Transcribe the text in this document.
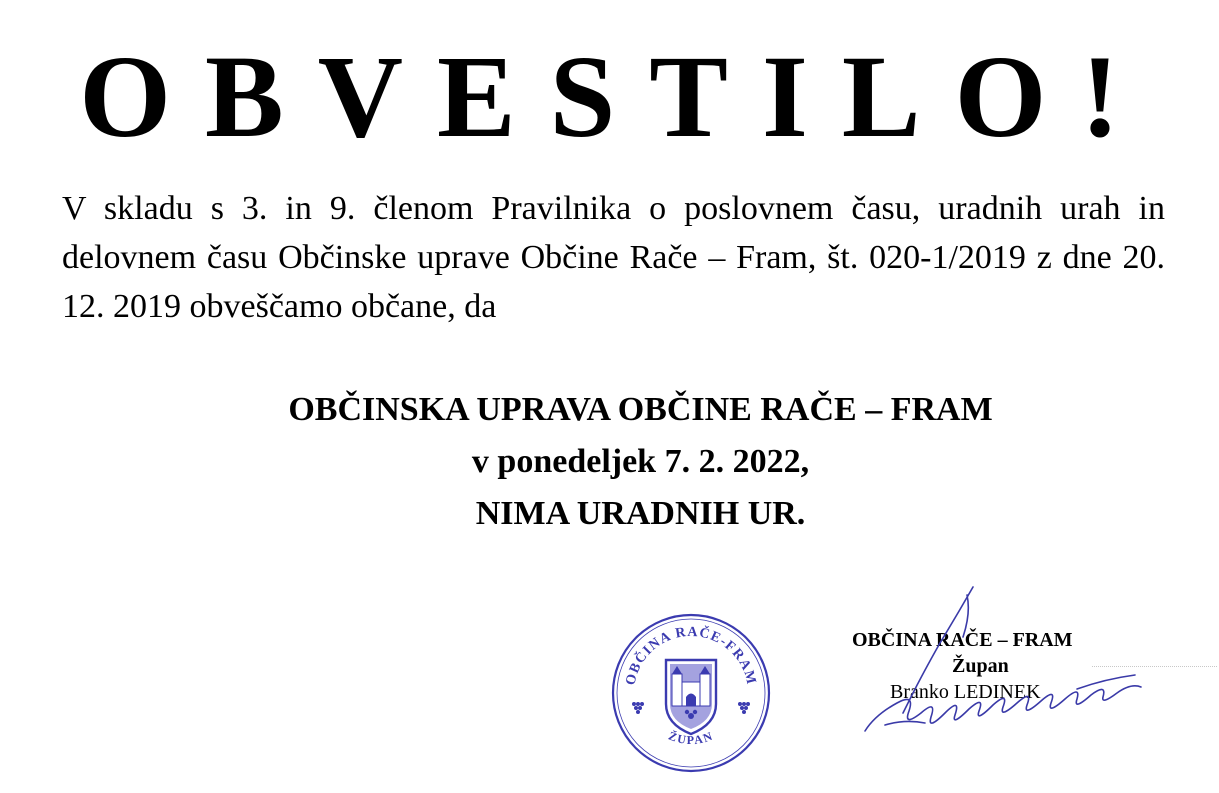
OBVESTILO!
V skladu s 3. in 9. členom Pravilnika o poslovnem času, uradnih urah in delovnem času Občinske uprave Občine Rače – Fram, št. 020-1/2019 z dne 20. 12. 2019 obveščamo občane, da
OBČINSKA UPRAVA OBČINE RAČE – FRAM
v ponedeljek 7. 2. 2022,
NIMA URADNIH UR.
OBČINA RAČE-FRAM
ŽUPAN
OBČINA RAČE – FRAM
Župan
Branko LEDINEK
